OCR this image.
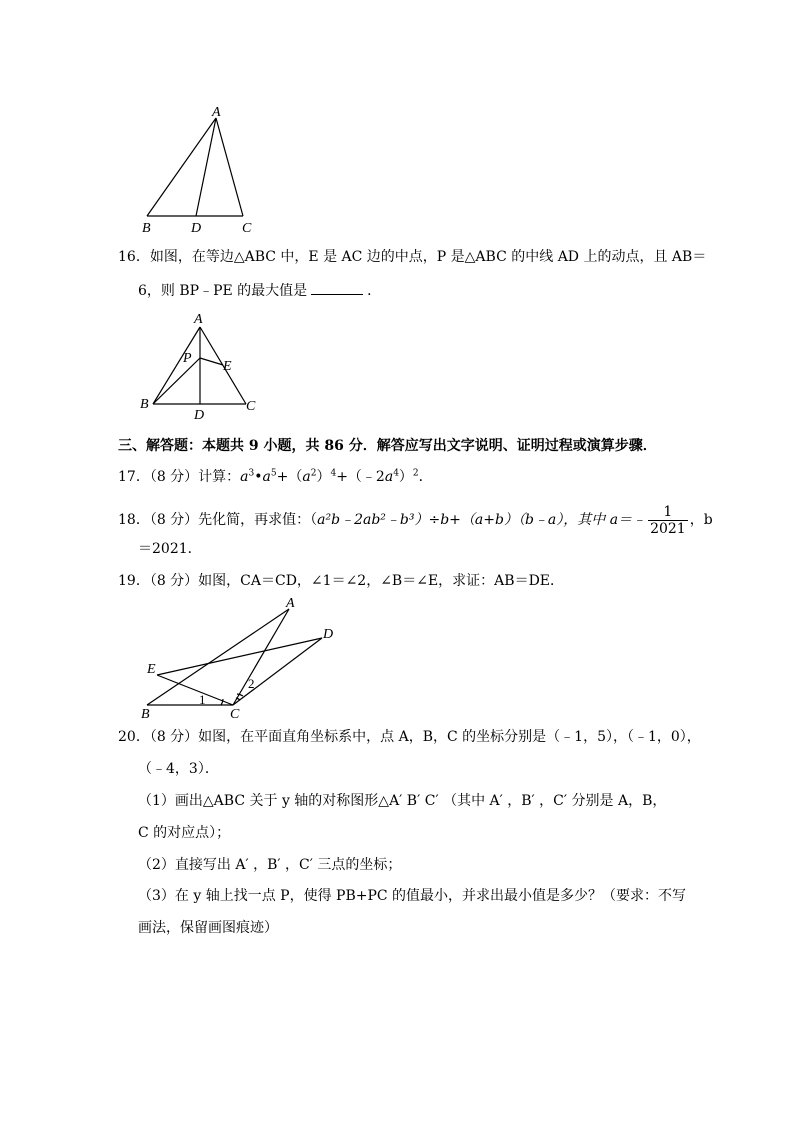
A
B	D	C
A
P
E
B
D
C
A
D
E
B	C
1
2
16．如图，在等边△ABC 中，E 是 AC 边的中点，P 是△ABC 的中线 AD 上的动点，且 AB＝
6，则 BP﹣PE 的最大值是	．
三、解答题：本题共 9 小题，共 86 分．解答应写出文字说明、证明过程或演算步骤．
17．（8 分）计算：$a^3•a^5+(a^2)^4+(﹣2a^4)^2$．
18．（8 分）先化简，再求值：（a²b﹣2ab²﹣b³）÷b+（a+b）（b﹣a），其中 a＝﹣ $\frac{1}{2021}$ ，b
＝2021．
19．（8 分）如图，CA＝CD，∠1＝∠2，∠B＝∠E，求证：AB＝DE．
20．（8 分）如图，在平面直角坐标系中，点 A，B，C 的坐标分别是（﹣1，5），（﹣1，0），
（﹣4，3）．
（1）画出△ABC 关于 y 轴的对称图形△A′ B′ C′ （其中 A′ ，B′ ，C′ 分别是 A，B，
C 的对应点）；
（2）直接写出 A′ ，B′ ，C′ 三点的坐标；
（3）在 y 轴上找一点 P，使得 PB+PC 的值最小，并求出最小值是多少？（要求：不写
画法，保留画图痕迹）
